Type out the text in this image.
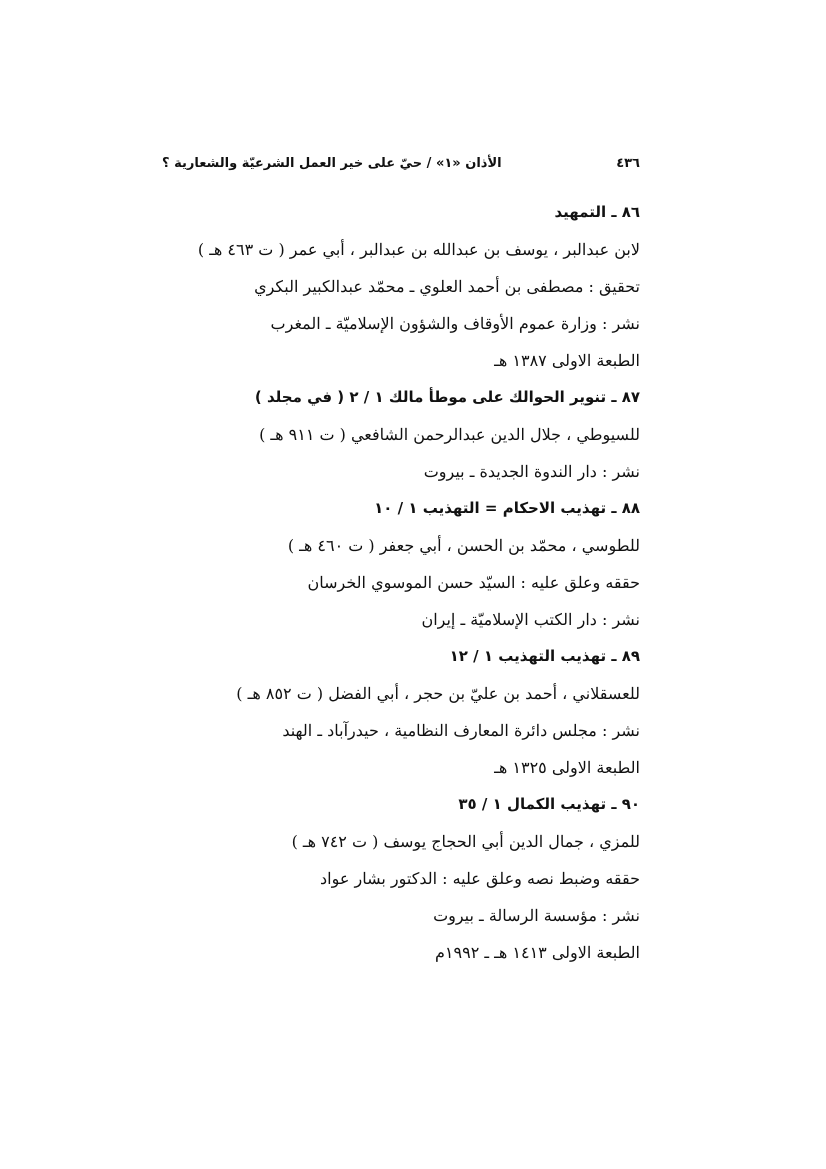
٤٣٦
الأذان «١» / حيّ على خير العمل الشرعيّة والشعارية ؟
٨٦ ـ التمهيد
لابن عبدالبر ، يوسف بن عبدالله بن عبدالبر ، أبي عمر ( ت ٤٦٣ هـ )
تحقيق : مصطفى بن أحمد العلوي ـ محمّد عبدالكبير البكري
نشر : وزارة عموم الأوقاف والشؤون الإسلاميّة ـ المغرب
الطبعة الاولى ١٣٨٧ هـ
٨٧ ـ تنوير الحوالك على موطأ مالك ١ / ٢ ( في مجلد )
للسيوطي ، جلال الدين عبدالرحمن الشافعي ( ت ٩١١ هـ )
نشر : دار الندوة الجديدة ـ بيروت
٨٨ ـ تهذيب الاحكام = التهذيب ١ / ١٠
للطوسي ، محمّد بن الحسن ، أبي جعفر ( ت ٤٦٠ هـ )
حققه وعلق عليه : السيّد حسن الموسوي الخرسان
نشر : دار الكتب الإسلاميّة ـ إيران
٨٩ ـ تهذيب التهذيب ١ / ١٢
للعسقلاني ، أحمد بن عليّ بن حجر ، أبي الفضل ( ت ٨٥٢ هـ )
نشر : مجلس دائرة المعارف النظامية ، حيدرآباد ـ الهند
الطبعة الاولى ١٣٢٥ هـ
٩٠ ـ تهذيب الكمال ١ / ٣٥
للمزي ، جمال الدين أبي الحجاج يوسف ( ت ٧٤٢ هـ )
حققه وضبط نصه وعلق عليه : الدكتور بشار عواد
نشر : مؤسسة الرسالة ـ بيروت
الطبعة الاولى ١٤١٣ هـ ـ ١٩٩٢م
